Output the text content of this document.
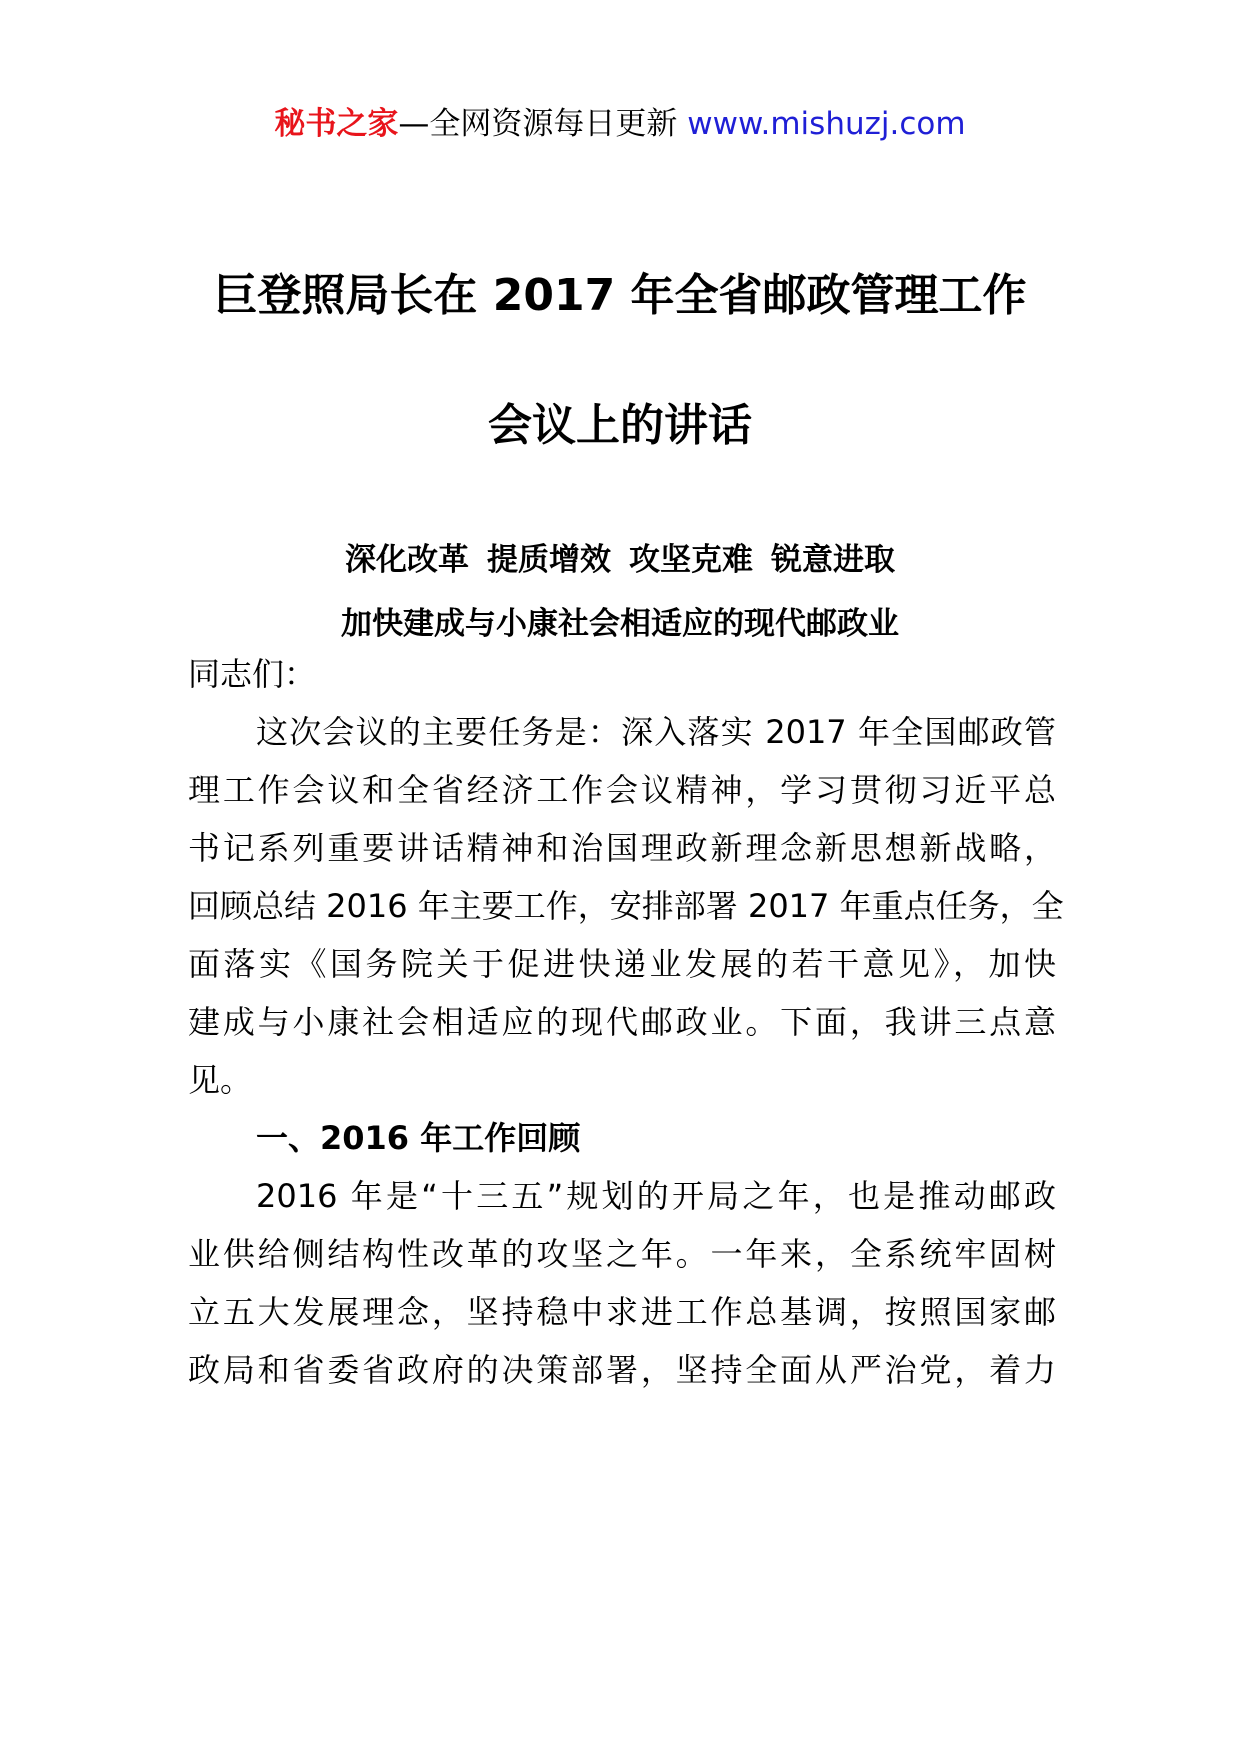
秘书之家—全网资源每日更新 www.mishuzj.com
巨登照局长在 2017 年全省邮政管理工作
会议上的讲话
深化改革 提质增效 攻坚克难 锐意进取
加快建成与小康社会相适应的现代邮政业
同志们：
这次会议的主要任务是：深入落实 2017 年全国邮政管
理工作会议和全省经济工作会议精神，学习贯彻习近平总
书记系列重要讲话精神和治国理政新理念新思想新战略，
回顾总结 2016 年主要工作，安排部署 2017 年重点任务，全
面落实《国务院关于促进快递业发展的若干意见》，加快
建成与小康社会相适应的现代邮政业。下面，我讲三点意
见。
一、2016 年工作回顾
2016 年是“十三五”规划的开局之年，也是推动邮政
业供给侧结构性改革的攻坚之年。一年来，全系统牢固树
立五大发展理念，坚持稳中求进工作总基调，按照国家邮
政局和省委省政府的决策部署，坚持全面从严治党，着力
